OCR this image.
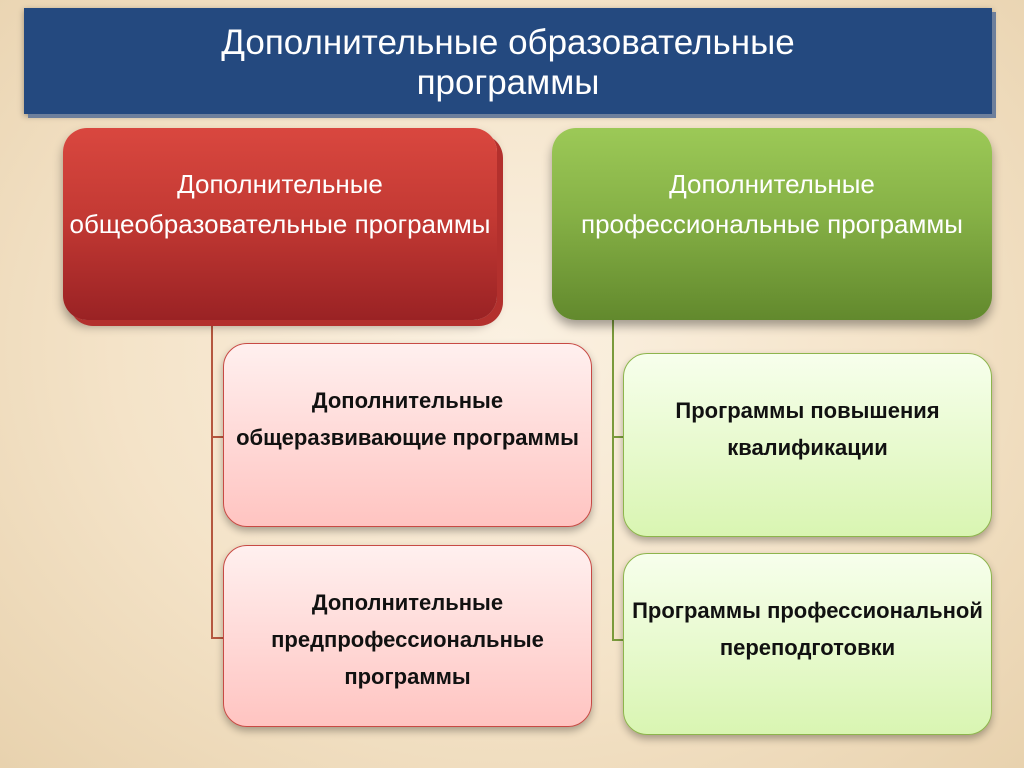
Дополнительные образовательные программы
Дополнительные общеобразовательные программы
Дополнительные профессиональные программы
Дополнительные общеразвивающие программы
Дополнительные предпрофессиональные программы
Программы повышения квалификации
Программы профессиональной переподготовки
